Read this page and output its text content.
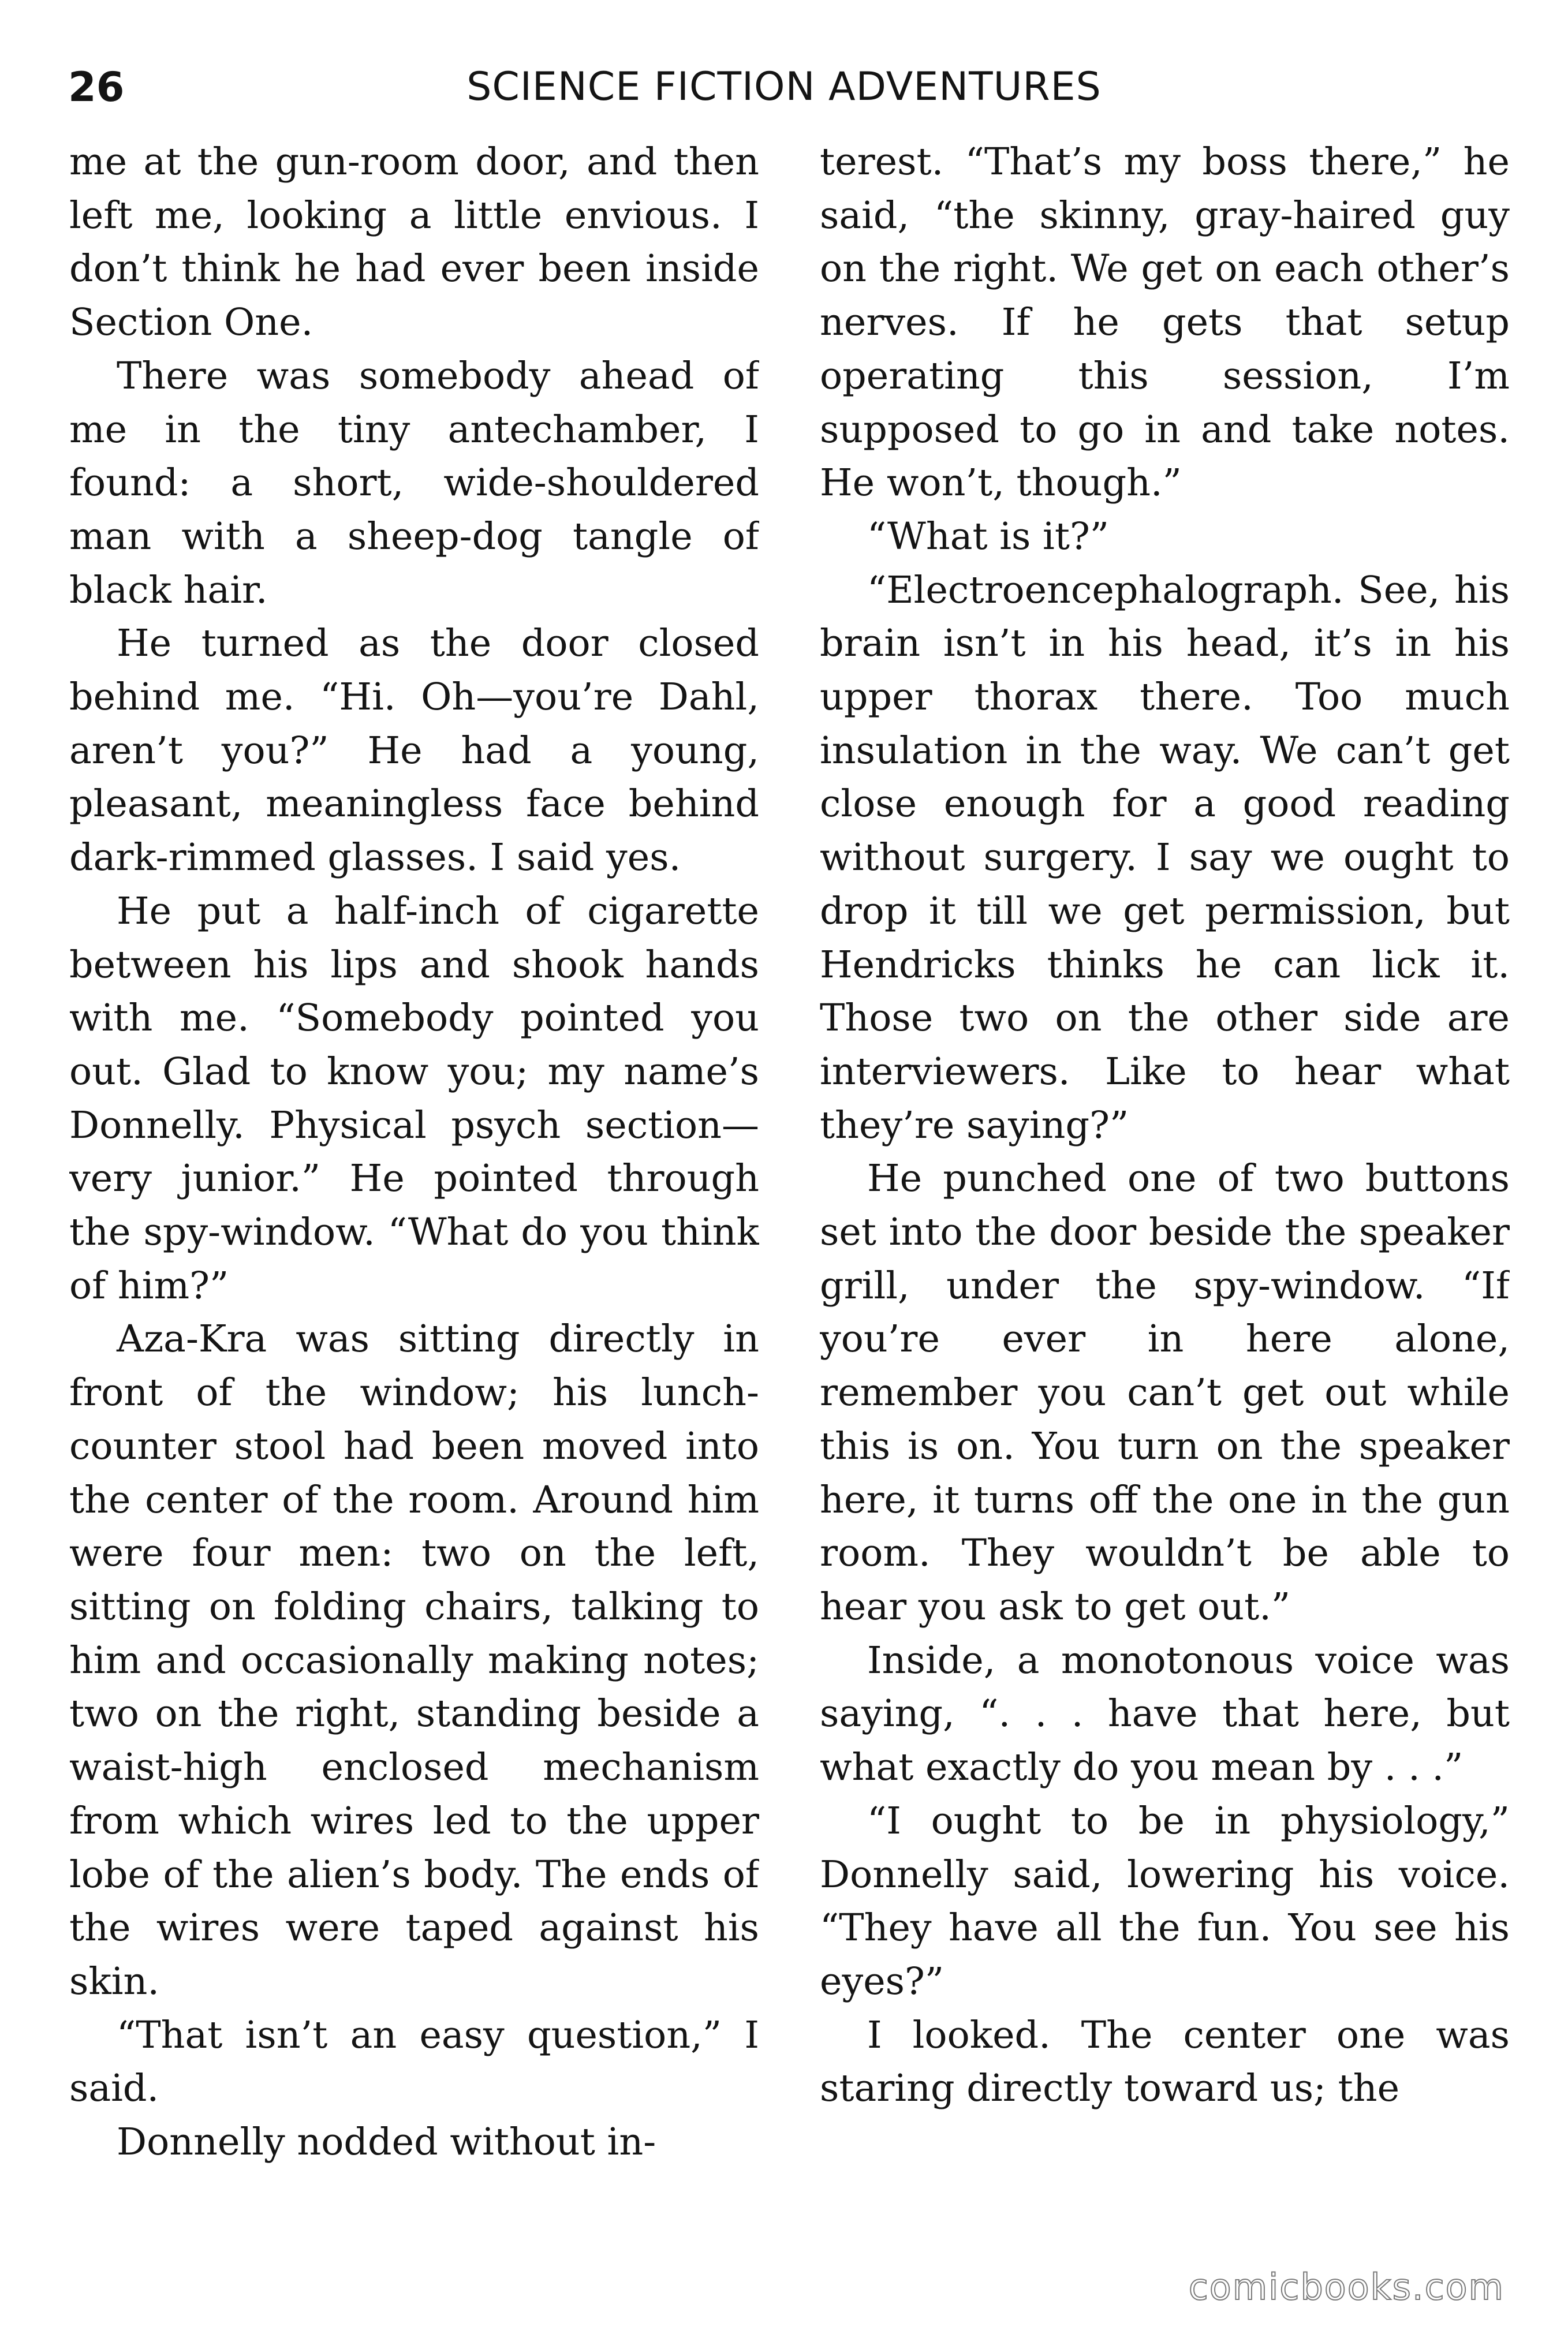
26	SCIENCE FICTION ADVENTURES

me at the gun-room door, and then left me, looking a little envious. I don’t think he had ever been inside Section One.

There was somebody ahead of me in the tiny antechamber, I found: a short, wide-shouldered man with a sheep-dog tangle of black hair.

He turned as the door closed behind me. “Hi. Oh—you’re Dahl, aren’t you?” He had a young, pleasant, meaningless face behind dark-rimmed glasses. I said yes.

He put a half-inch of cigarette between his lips and shook hands with me. “Somebody pointed you out. Glad to know you; my name’s Donnelly. Physical psych section—very junior.” He pointed through the spy-window. “What do you think of him?”

Aza-Kra was sitting directly in front of the window; his lunch-counter stool had been moved into the center of the room. Around him were four men: two on the left, sitting on folding chairs, talking to him and occasionally making notes; two on the right, standing beside a waist-high enclosed mechanism from which wires led to the upper lobe of the alien’s body. The ends of the wires were taped against his skin.

“That isn’t an easy question,” I said.

Donnelly nodded without in-

terest. “That’s my boss there,” he said, “the skinny, gray-haired guy on the right. We get on each other’s nerves. If he gets that setup operating this session, I’m supposed to go in and take notes. He won’t, though.”

“What is it?”

“Electroencephalograph. See, his brain isn’t in his head, it’s in his upper thorax there. Too much insulation in the way. We can’t get close enough for a good reading without surgery. I say we ought to drop it till we get permission, but Hendricks thinks he can lick it. Those two on the other side are interviewers. Like to hear what they’re saying?”

He punched one of two buttons set into the door beside the speaker grill, under the spy-window. “If you’re ever in here alone, remember you can’t get out while this is on. You turn on the speaker here, it turns off the one in the gun room. They wouldn’t be able to hear you ask to get out.”

Inside, a monotonous voice was saying, “. . . have that here, but what exactly do you mean by . . .”

“I ought to be in physiology,” Donnelly said, lowering his voice. “They have all the fun. You see his eyes?”

I looked. The center one was staring directly toward us; the

comicbooks.com
